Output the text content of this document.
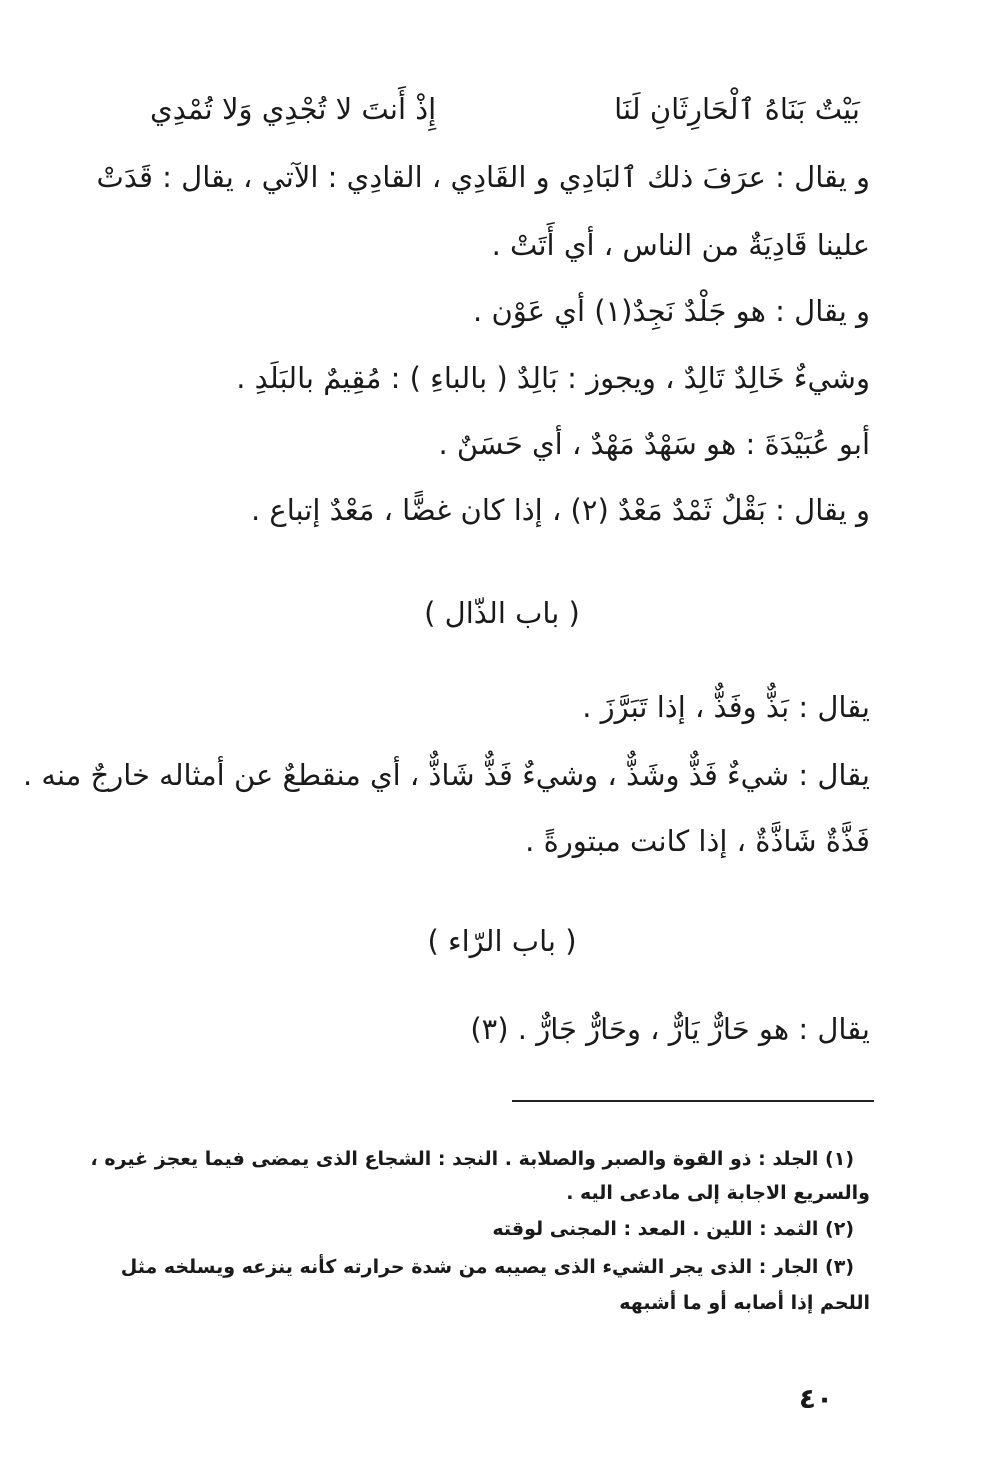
بَيْتٌ بَنَاهُ ٱلْحَارِثَانِ لَنَا
إِذْ أَنتَ لا تُجْدِي وَلا تُمْدِي
و يقال : عرَفَ ذلك ٱلبَادِي و القَادِي ، القادِي : الآتي ، يقال : قَدَتْ
علينا قَادِيَةٌ من الناس ، أي أَتَتْ .
و يقال : هو جَلْدٌ نَجِدٌ(١) أي عَوْن .
وشيءٌ خَالِدٌ تَالِدٌ ، ويجوز : بَالِدٌ ( بالباءِ ) : مُقِيمٌ بالبَلَدِ .
أبو عُبَيْدَةَ : هو سَهْدٌ مَهْدٌ ، أي حَسَنٌ .
و يقال : بَقْلٌ ثَمْدٌ مَعْدٌ (٢) ، إذا كان غضًّا ، مَعْدٌ إتباع .
( باب الذّال )
يقال : بَذٌّ وفَذٌّ ، إذا تَبَرَّزَ .
يقال : شيءٌ فَذٌّ وشَذٌّ ، وشيءٌ فَذٌّ شَاذٌّ ، أي منقطعٌ عن أمثاله خارجٌ منه .
فَذَّةٌ شَاذَّةٌ ، إذا كانت مبتورةً .
( باب الرّاء )
يقال : هو حَارٌّ يَارٌّ ، وحَارٌّ جَارٌّ . (٣)
(١) الجلد : ذو القوة والصبر والصلابة . النجد : الشجاع الذى يمضى فيما يعجز غيره ،
والسريع الاجابة إلى مادعى اليه .
(٢) الثمد : اللين . المعد : المجنى لوقته
(٣) الجار : الذى يجر الشيء الذى يصيبه من شدة حرارته كأنه ينزعه ويسلخه مثل
اللحم إذا أصابه أو ما أشبهه
٤٠
